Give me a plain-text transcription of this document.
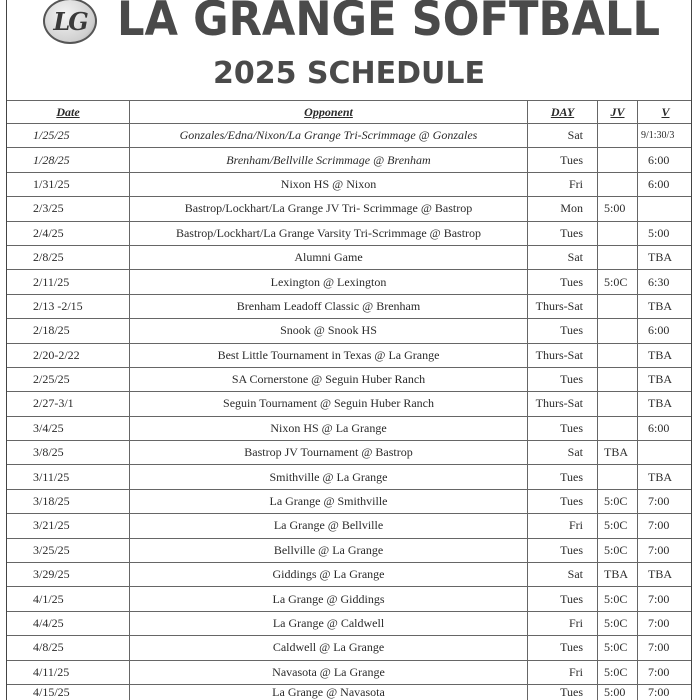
LG LA GRANGE SOFTBALL
2025 SCHEDULE
Date	Opponent	DAY	JV	V
1/25/25	Gonzales/Edna/Nixon/La Grange Tri-Scrimmage @ Gonzales	Sat		9/1:30/3
1/28/25	Brenham/Bellville Scrimmage @ Brenham	Tues		6:00
1/31/25	Nixon HS @ Nixon	Fri		6:00
2/3/25	Bastrop/Lockhart/La Grange JV Tri- Scrimmage @ Bastrop	Mon	5:00	
2/4/25	Bastrop/Lockhart/La Grange Varsity Tri-Scrimmage @ Bastrop	Tues		5:00
2/8/25	Alumni Game	Sat		TBA
2/11/25	Lexington @ Lexington	Tues	5:0C	6:30
2/13 -2/15	Brenham Leadoff Classic @ Brenham	Thurs-Sat		TBA
2/18/25	Snook @ Snook HS	Tues		6:00
2/20-2/22	Best Little Tournament in Texas @ La Grange	Thurs-Sat		TBA
2/25/25	SA Cornerstone @ Seguin Huber Ranch	Tues		TBA
2/27-3/1	Seguin Tournament @ Seguin Huber Ranch	Thurs-Sat		TBA
3/4/25	Nixon HS @ La Grange	Tues		6:00
3/8/25	Bastrop JV Tournament @ Bastrop	Sat	TBA	
3/11/25	Smithville @ La Grange	Tues		TBA
3/18/25	La Grange @ Smithville	Tues	5:0C	7:00
3/21/25	La Grange @ Bellville	Fri	5:0C	7:00
3/25/25	Bellville @ La Grange	Tues	5:0C	7:00
3/29/25	Giddings @ La Grange	Sat	TBA	TBA
4/1/25	La Grange @ Giddings	Tues	5:0C	7:00
4/4/25	La Grange @ Caldwell	Fri	5:0C	7:00
4/8/25	Caldwell @ La Grange	Tues	5:0C	7:00
4/11/25	Navasota @ La Grange	Fri	5:0C	7:00
4/15/25	La Grange @ Navasota	Tues	5:00	7:00
